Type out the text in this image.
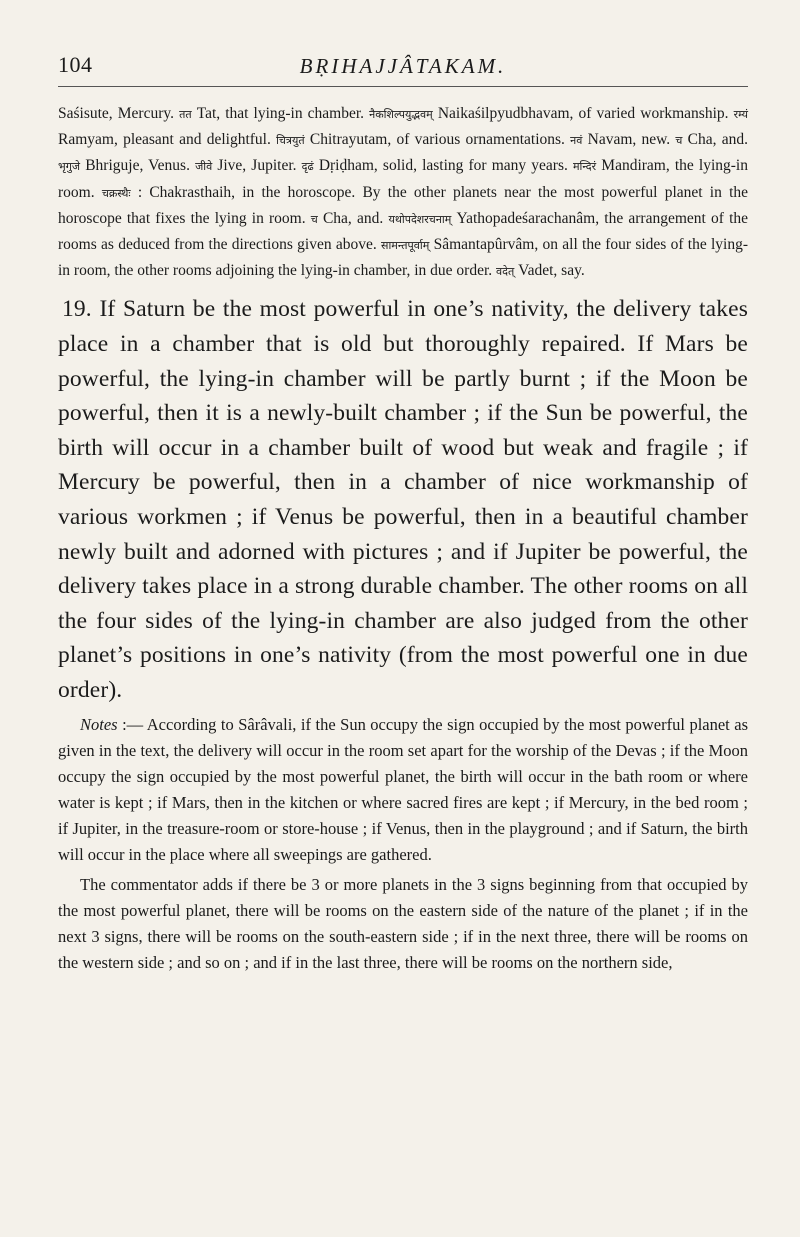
104	BṚIHAJJÂTAKAM.

Saśisute, Mercury. तत Tat, that lying-in chamber. नैकशिल्पयुद्भवम् Naikaśilpyudbhavam, of varied workmanship. रम्यं Ramyam, pleasant and delightful. चित्रयुतं Chitrayutam, of various ornamentations. नवं Navam, new. च Cha, and. भृगुजे Bhriguje, Venus. जीवे Jive, Jupiter. दृढं Dṛiḍham, solid, lasting for many years. मन्दिरं Mandiram, the lying-in room. चक्रस्थैः : Chakrasthaih, in the horoscope. By the other planets near the most powerful planet in the horoscope that fixes the lying in room. च Cha, and. यथोपदेशरचनाम् Yathopadeśarachanâm, the arrangement of the rooms as deduced from the directions given above. सामन्तपूर्वाम् Sâmantapûrvâm, on all the four sides of the lying-in room, the other rooms adjoining the lying-in chamber, in due order. वदेत् Vadet, say.

19. If Saturn be the most powerful in one’s nativity, the delivery takes place in a chamber that is old but thoroughly repaired. If Mars be powerful, the lying-in chamber will be partly burnt ; if the Moon be powerful, then it is a newly-built chamber ; if the Sun be powerful, the birth will occur in a chamber built of wood but weak and fragile ; if Mercury be powerful, then in a chamber of nice workmanship of various workmen ; if Venus be powerful, then in a beautiful chamber newly built and adorned with pictures ; and if Jupiter be powerful, the delivery takes place in a strong durable chamber. The other rooms on all the four sides of the lying-in chamber are also judged from the other planet’s positions in one’s nativity (from the most powerful one in due order).

Notes :— According to Sârâvali, if the Sun occupy the sign occupied by the most powerful planet as given in the text, the delivery will occur in the room set apart for the worship of the Devas ; if the Moon occupy the sign occupied by the most powerful planet, the birth will occur in the bath room or where water is kept ; if Mars, then in the kitchen or where sacred fires are kept ; if Mercury, in the bed room ; if Jupiter, in the treasure-room or store-house ; if Venus, then in the playground ; and if Saturn, the birth will occur in the place where all sweepings are gathered.

The commentator adds if there be 3 or more planets in the 3 signs beginning from that occupied by the most powerful planet, there will be rooms on the eastern side of the nature of the planet ; if in the next 3 signs, there will be rooms on the south-eastern side ; if in the next three, there will be rooms on the western side ; and so on ; and if in the last three, there will be rooms on the northern side,
